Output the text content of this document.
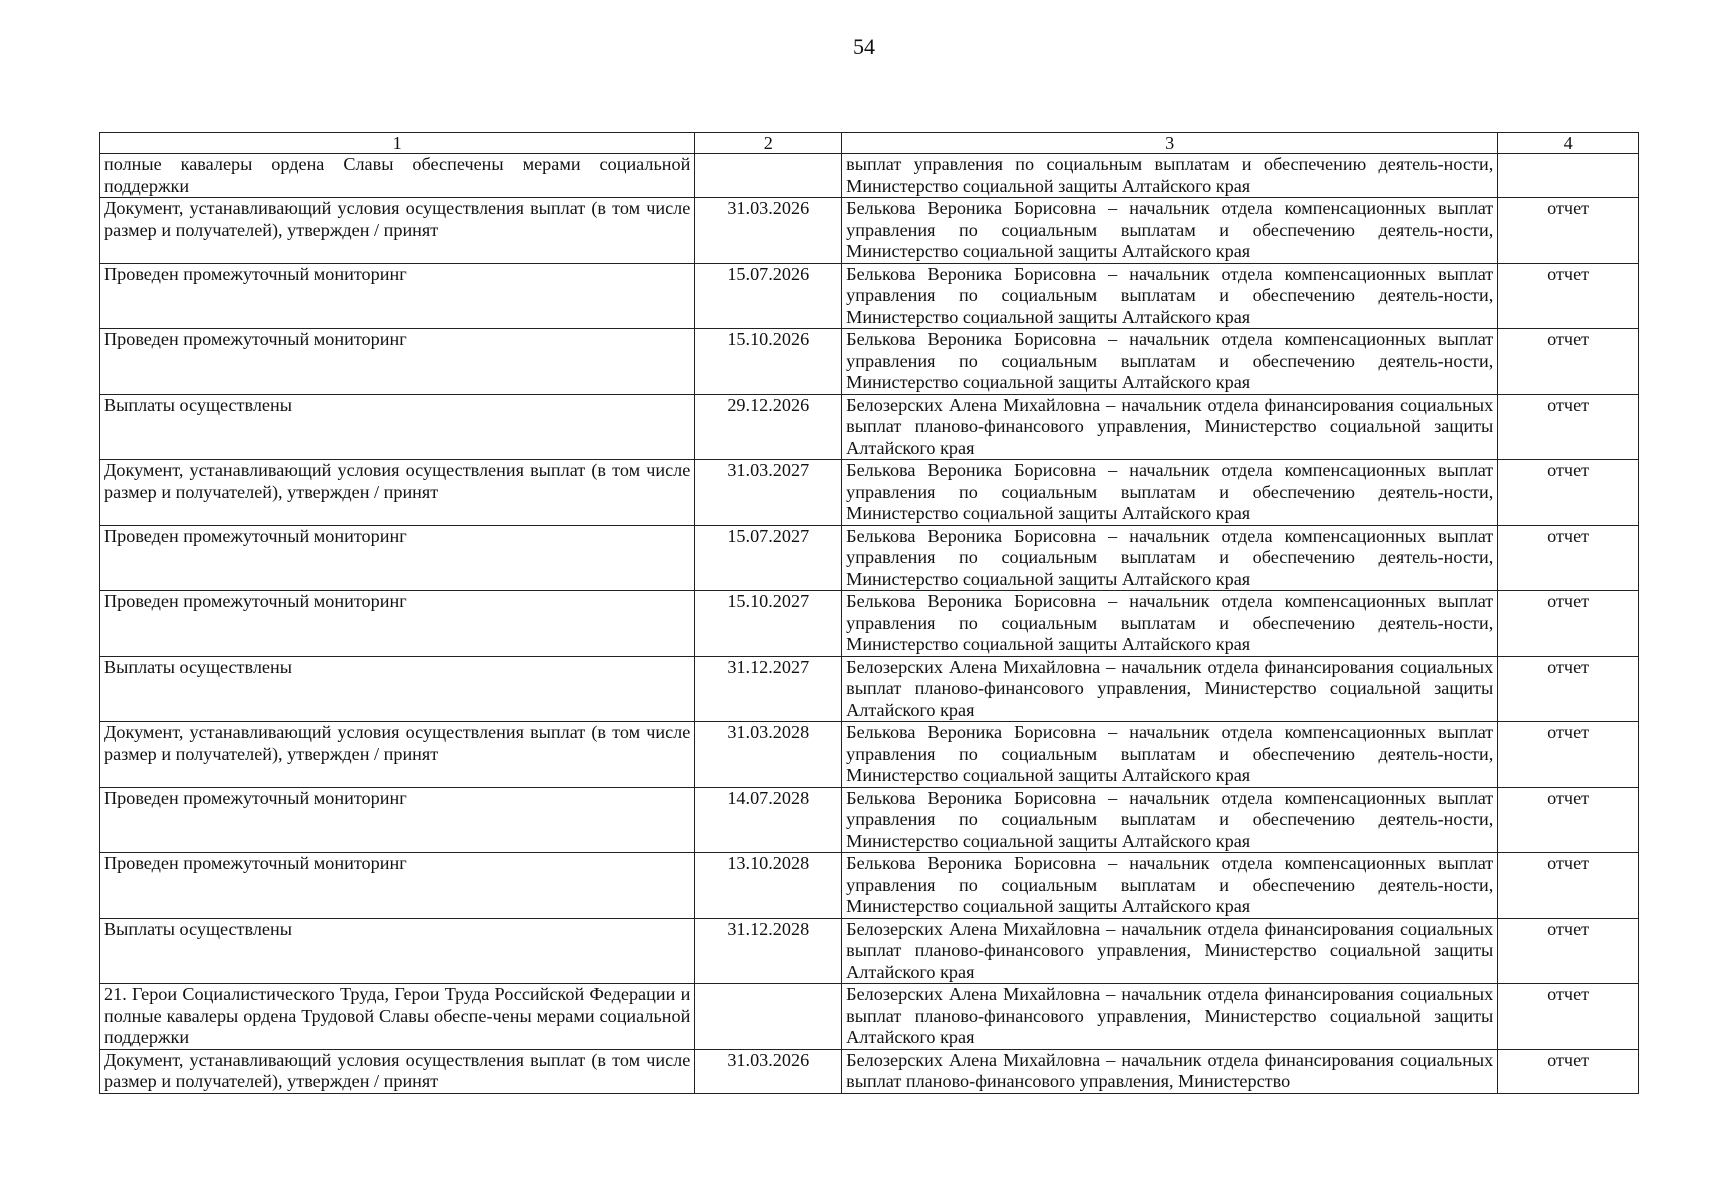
54
1	2	3	4
полные кавалеры ордена Славы обеспечены мерами социальной поддержки		выплат управления по социальным выплатам и обеспечению деятель-ности, Министерство социальной защиты Алтайского края	
Документ, устанавливающий условия осуществления выплат (в том числе размер и получателей), утвержден / принят	31.03.2026	Белькова Вероника Борисовна – начальник отдела компенсационных выплат управления по социальным выплатам и обеспечению деятель-ности, Министерство социальной защиты Алтайского края	отчет
Проведен промежуточный мониторинг	15.07.2026	Белькова Вероника Борисовна – начальник отдела компенсационных выплат управления по социальным выплатам и обеспечению деятель-ности, Министерство социальной защиты Алтайского края	отчет
Проведен промежуточный мониторинг	15.10.2026	Белькова Вероника Борисовна – начальник отдела компенсационных выплат управления по социальным выплатам и обеспечению деятель-ности, Министерство социальной защиты Алтайского края	отчет
Выплаты осуществлены	29.12.2026	Белозерских Алена Михайловна – начальник отдела финансирования социальных выплат планово-финансового управления, Министерство социальной защиты Алтайского края	отчет
Документ, устанавливающий условия осуществления выплат (в том числе размер и получателей), утвержден / принят	31.03.2027	Белькова Вероника Борисовна – начальник отдела компенсационных выплат управления по социальным выплатам и обеспечению деятель-ности, Министерство социальной защиты Алтайского края	отчет
Проведен промежуточный мониторинг	15.07.2027	Белькова Вероника Борисовна – начальник отдела компенсационных выплат управления по социальным выплатам и обеспечению деятель-ности, Министерство социальной защиты Алтайского края	отчет
Проведен промежуточный мониторинг	15.10.2027	Белькова Вероника Борисовна – начальник отдела компенсационных выплат управления по социальным выплатам и обеспечению деятель-ности, Министерство социальной защиты Алтайского края	отчет
Выплаты осуществлены	31.12.2027	Белозерских Алена Михайловна – начальник отдела финансирования социальных выплат планово-финансового управления, Министерство социальной защиты Алтайского края	отчет
Документ, устанавливающий условия осуществления выплат (в том числе размер и получателей), утвержден / принят	31.03.2028	Белькова Вероника Борисовна – начальник отдела компенсационных выплат управления по социальным выплатам и обеспечению деятель-ности, Министерство социальной защиты Алтайского края	отчет
Проведен промежуточный мониторинг	14.07.2028	Белькова Вероника Борисовна – начальник отдела компенсационных выплат управления по социальным выплатам и обеспечению деятель-ности, Министерство социальной защиты Алтайского края	отчет
Проведен промежуточный мониторинг	13.10.2028	Белькова Вероника Борисовна – начальник отдела компенсационных выплат управления по социальным выплатам и обеспечению деятель-ности, Министерство социальной защиты Алтайского края	отчет
Выплаты осуществлены	31.12.2028	Белозерских Алена Михайловна – начальник отдела финансирования социальных выплат планово-финансового управления, Министерство социальной защиты Алтайского края	отчет
21. Герои Социалистического Труда, Герои Труда Российской Федерации и полные кавалеры ордена Трудовой Славы обеспе-чены мерами социальной поддержки		Белозерских Алена Михайловна – начальник отдела финансирования социальных выплат планово-финансового управления, Министерство социальной защиты Алтайского края	отчет
Документ, устанавливающий условия осуществления выплат (в том числе размер и получателей), утвержден / принят	31.03.2026	Белозерских Алена Михайловна – начальник отдела финансирования социальных выплат планово-финансового управления, Министерство	отчет
